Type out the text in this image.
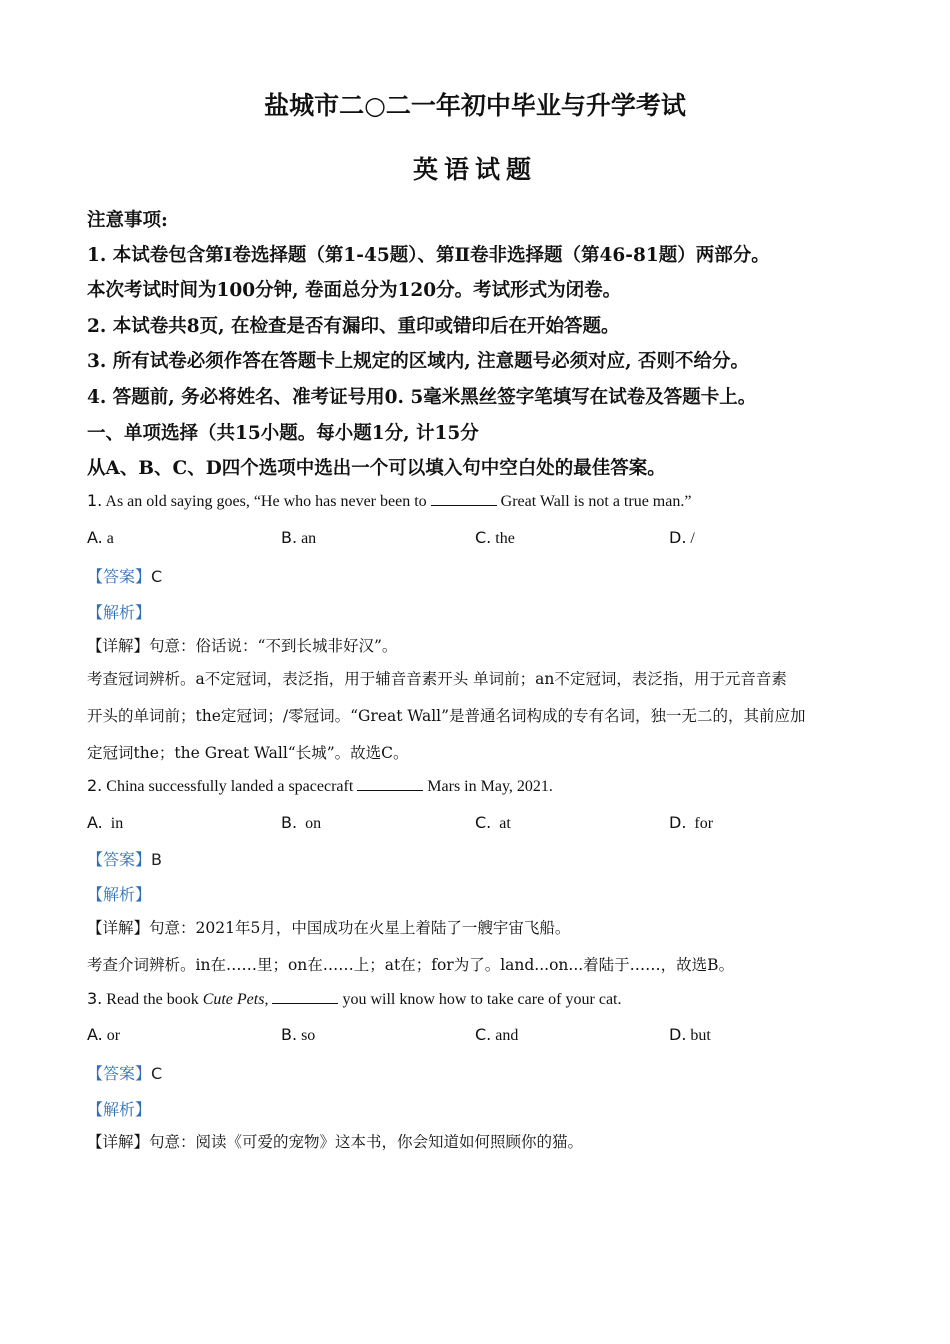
盐城市二○二一年初中毕业与升学考试
英语试题
注意事项:
1. 本试卷包含第Ⅰ卷选择题（第1-45题）、第Ⅱ卷非选择题（第46-81题）两部分。
本次考试时间为100分钟, 卷面总分为120分。考试形式为闭卷。
2. 本试卷共8页, 在检查是否有漏印、重印或错印后在开始答题。
3. 所有试卷必须作答在答题卡上规定的区域内, 注意题号必须对应, 否则不给分。
4. 答题前, 务必将姓名、准考证号用0. 5毫米黑丝签字笔填写在试卷及答题卡上。
一、单项选择（共15小题。每小题1分, 计15分
从A、B、C、D四个选项中选出一个可以填入句中空白处的最佳答案。
1. As an old saying goes, “He who has never been to	Great Wall is not a true man.”
A. a	B. an	C. the	D. /
【答案】C
【解析】
【详解】句意：俗话说：“不到长城非好汉”。
考查冠词辨析。a不定冠词，表泛指，用于辅音音素开头 单词前；an不定冠词，表泛指，用于元音音素
开头的单词前；the定冠词；/零冠词。“Great Wall”是普通名词构成的专有名词，独一无二的，其前应加
定冠词the；the Great Wall“长城”。故选C。
2. China successfully landed a spacecraft	Mars in May, 2021.
A. in	B. on	C. at	D. for
【答案】B
【解析】
【详解】句意：2021年5月，中国成功在火星上着陆了一艘宇宙飞船。
考查介词辨析。in在……里；on在……上；at在；for为了。land...on...着陆于……，故选B。
3. Read the book Cute Pets,	you will know how to take care of your cat.
A. or	B. so	C. and	D. but
【答案】C
【解析】
【详解】句意：阅读《可爱的宠物》这本书，你会知道如何照顾你的猫。
